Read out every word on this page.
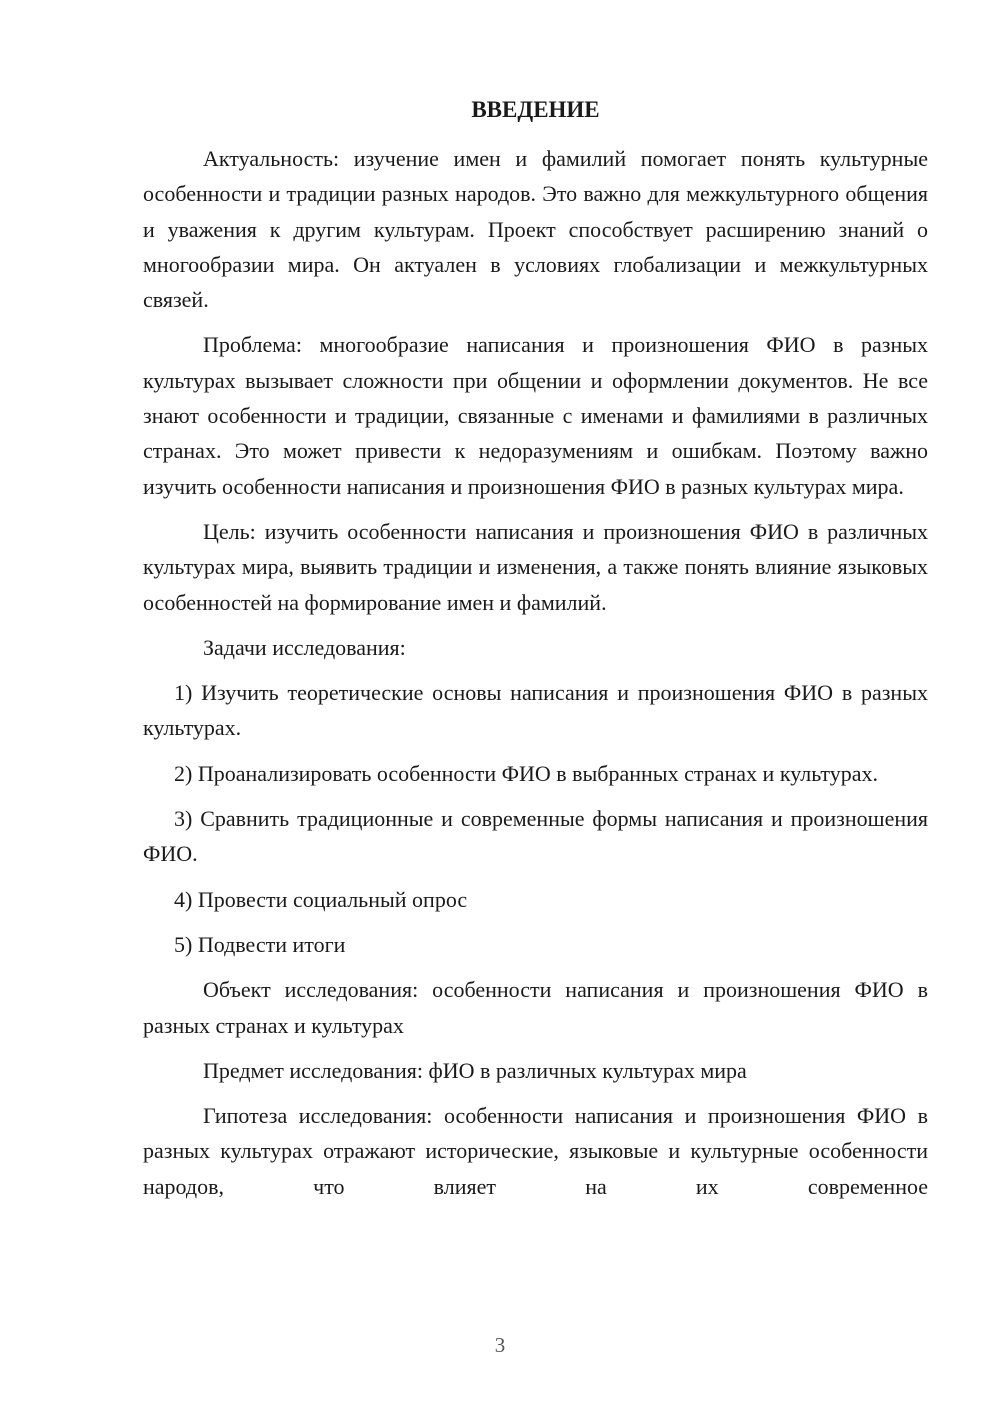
ВВЕДЕНИЕ

Актуальность: изучение имен и фамилий помогает понять культурные особенности и традиции разных народов. Это важно для межкультурного общения и уважения к другим культурам. Проект способствует расширению знаний о многообразии мира. Он актуален в условиях глобализации и межкультурных связей.

Проблема: многообразие написания и произношения ФИО в разных культурах вызывает сложности при общении и оформлении документов. Не все знают особенности и традиции, связанные с именами и фамилиями в различных странах. Это может привести к недоразумениям и ошибкам. Поэтому важно изучить особенности написания и произношения ФИО в разных культурах мира.

Цель: изучить особенности написания и произношения ФИО в различных культурах мира, выявить традиции и изменения, а также понять влияние языковых особенностей на формирование имен и фамилий.

Задачи исследования:

1) Изучить теоретические основы написания и произношения ФИО в разных культурах.

2) Проанализировать особенности ФИО в выбранных странах и культурах.

3) Сравнить традиционные и современные формы написания и произношения ФИО.

4) Провести социальный опрос

5) Подвести итоги

Объект исследования: особенности написания и произношения ФИО в разных странах и культурах

Предмет исследования: фИО в различных культурах мира

Гипотеза исследования: особенности написания и произношения ФИО в разных культурах отражают исторические, языковые и культурные особенности народов, что влияет на их современное

3
